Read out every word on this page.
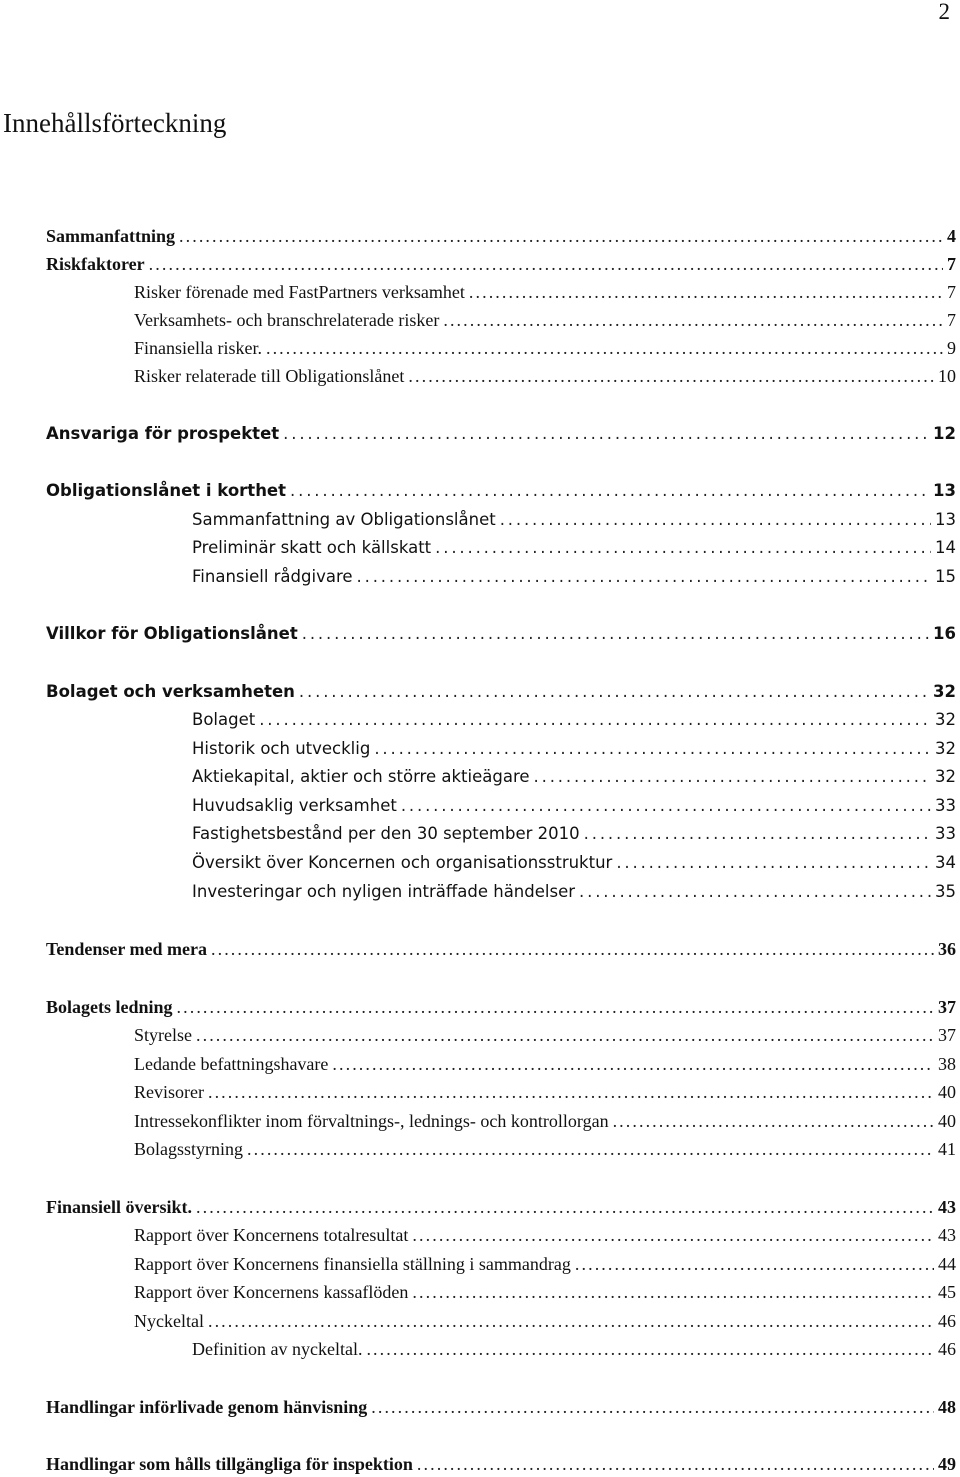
2
Innehållsförteckning
Sammanfattning . . .	4
Riskfaktorer . . .	7
Risker förenade med FastPartners verksamhet . . .	7
Verksamhets- och branschrelaterade risker . . .	7
Finansiella risker. . . .	9
Risker relaterade till Obligationslånet . . .	10
Ansvariga för prospektet . . .	12
Obligationslånet i korthet . . .	13
Sammanfattning av Obligationslånet . . .	13
Preliminär skatt och källskatt . . .	14
Finansiell rådgivare . . .	15
Villkor för Obligationslånet . . .	16
Bolaget och verksamheten . . .	32
Bolaget . . .	32
Historik och utvecklig . . .	32
Aktiekapital, aktier och större aktieägare . . .	32
Huvudsaklig verksamhet . . .	33
Fastighetsbestånd per den 30 september 2010 . . .	33
Översikt över Koncernen och organisationsstruktur . . .	34
Investeringar och nyligen inträffade händelser . . .	35
Tendenser med mera . . .	36
Bolagets ledning . . .	37
Styrelse . . .	37
Ledande befattningshavare . . .	38
Revisorer . . .	40
Intressekonflikter inom förvaltnings-, lednings- och kontrollorgan . . .	40
Bolagsstyrning . . .	41
Finansiell översikt. . . .	43
Rapport över Koncernens totalresultat . . .	43
Rapport över Koncernens finansiella ställning i sammandrag . . .	44
Rapport över Koncernens kassaflöden . . .	45
Nyckeltal . . .	46
Definition av nyckeltal. . . .	46
Handlingar införlivade genom hänvisning . . .	48
Handlingar som hålls tillgängliga för inspektion . . .	49
